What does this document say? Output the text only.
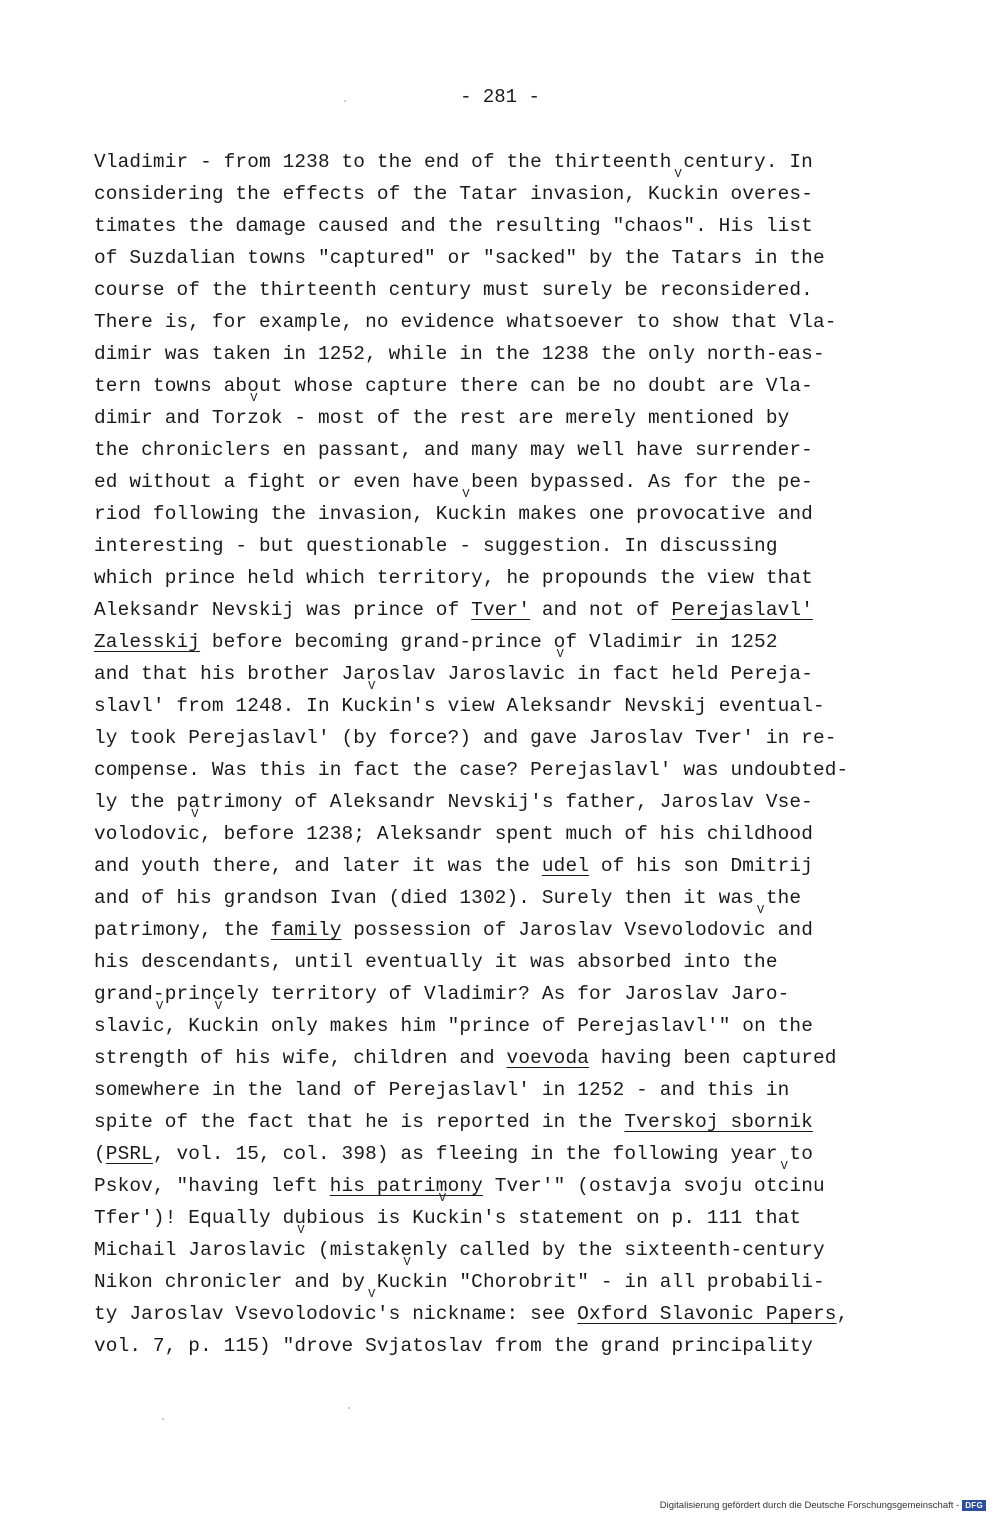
- 281 -
Vladimir - from 1238 to the end of the thirteenth century. In
considering the effects of the Tatar invasion, KuV ckin overes-
timates the damage caused and the resulting "chaos". His list
of Suzdalian towns "captured" or "sacked" by the Tatars in the
course of the thirteenth century must surely be reconsidered.
There is, for example, no evidence whatsoever to show that Vla-
dimir was taken in 1252, while in the 1238 the only north-eas-
tern towns about whose capture there can be no doubt are Vla-
dimir and TorV zok - most of the rest are merely mentioned by
the chroniclers en passant, and many may well have surrender-
ed without a fight or even have been bypassed. As for the pe-
riod following the invasion, KuV ckin makes one provocative and
interesting - but questionable - suggestion. In discussing
which prince held which territory, he propounds the view that
Aleksandr Nevskij was prince of Tver' and not of Perejaslavl'
Zalesskij before becoming grand-prince of Vladimir in 1252
and that his brother Jaroslav JaroslaviV c in fact held Pereja-
slavl' from 1248. In KuV ckin's view Aleksandr Nevskij eventual-
ly took Perejaslavl' (by force?) and gave Jaroslav Tver' in re-
compense. Was this in fact the case? Perejaslavl' was undoubted-
ly the patrimony of Aleksandr Nevskij's father, Jaroslav Vse-
volodoviV c, before 1238; Aleksandr spent much of his childhood
and youth there, and later it was the udel of his son Dmitrij
and of his grandson Ivan (died 1302). Surely then it was the
patrimony, the family possession of Jaroslav VsevolodoviV c and
his descendants, until eventually it was absorbed into the
grand-princely territory of Vladimir? As for Jaroslav Jaro-
slaviV c, KuV ckin only makes him "prince of Perejaslavl'" on the
strength of his wife, children and voevoda having been captured
somewhere in the land of Perejaslavl' in 1252 - and this in
spite of the fact that he is reported in the Tverskoj sbornik
(PSRL, vol. 15, col. 398) as fleeing in the following year to
Pskov, "having left his patrimony Tver'" (ostavja svoju otV cinu
Tfer')! Equally dubious is KuV ckin's statement on p. 111 that
Michail JaroslaviV c (mistakenly called by the sixteenth-century
Nikon chronicler and by KuV ckin "Chorobrit" - in all probabili-
ty Jaroslav VsevolodoviV c's nickname: see Oxford Slavonic Papers,
vol. 7, p. 115) "drove Svjatoslav from the grand principality
Digitalisierung gefördert durch die Deutsche Forschungsgemeinschaft - DFG
